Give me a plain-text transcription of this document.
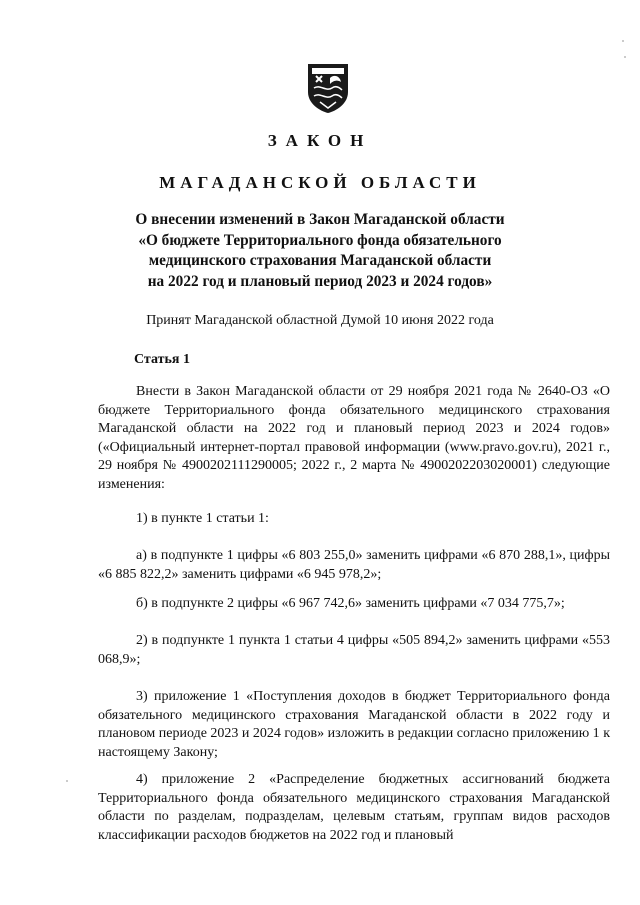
ЗАКОН
МАГАДАНСКОЙ ОБЛАСТИ
О внесении изменений в Закон Магаданской области
«О бюджете Территориального фонда обязательного
медицинского страхования Магаданской области
на 2022 год и плановый период 2023 и 2024 годов»
Принят Магаданской областной Думой 10 июня 2022 года
Статья 1

Внести в Закон Магаданской области от 29 ноября 2021 года № 2640-ОЗ «О бюджете Территориального фонда обязательного медицинского страхования Магаданской области на 2022 год и плановый период 2023 и 2024 годов» («Официальный интернет-портал правовой информации (www.pravo.gov.ru), 2021 г., 29 ноября № 4900202111290005; 2022 г., 2 марта № 4900202203020001) следующие изменения:

1) в пункте 1 статьи 1:

а) в подпункте 1 цифры «6 803 255,0» заменить цифрами «6 870 288,1», цифры «6 885 822,2» заменить цифрами «6 945 978,2»;

б) в подпункте 2 цифры «6 967 742,6» заменить цифрами «7 034 775,7»;

2) в подпункте 1 пункта 1 статьи 4 цифры «505 894,2» заменить цифрами «553 068,9»;

3) приложение 1 «Поступления доходов в бюджет Территориального фонда обязательного медицинского страхования Магаданской области в 2022 году и плановом периоде 2023 и 2024 годов» изложить в редакции согласно приложению 1 к настоящему Закону;

4) приложение 2 «Распределение бюджетных ассигнований бюджета Территориального фонда обязательного медицинского страхования Магаданской области по разделам, подразделам, целевым статьям, группам видов расходов классификации расходов бюджетов на 2022 год и плановый
